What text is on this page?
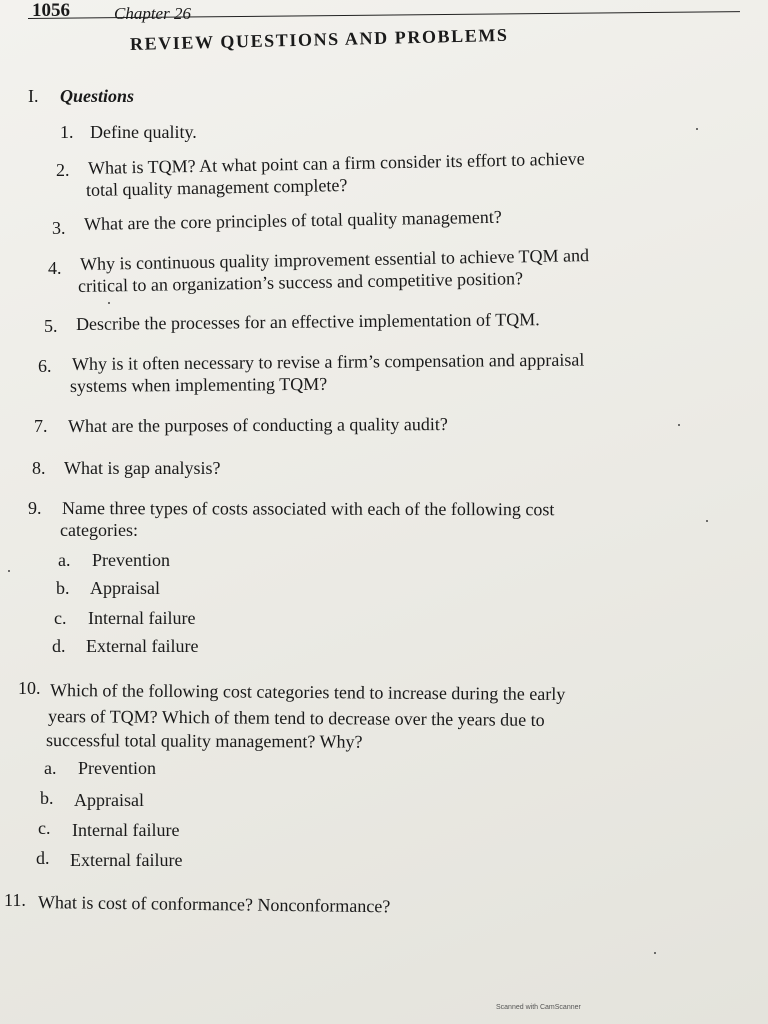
1056	Chapter 26
REVIEW QUESTIONS AND PROBLEMS
I. Questions
1. Define quality.
2. What is TQM? At what point can a firm consider its effort to achieve
total quality management complete?
3. What are the core principles of total quality management?
4. Why is continuous quality improvement essential to achieve TQM and
critical to an organization’s success and competitive position?
5. Describe the processes for an effective implementation of TQM.
6. Why is it often necessary to revise a firm’s compensation and appraisal
systems when implementing TQM?
7. What are the purposes of conducting a quality audit?
8. What is gap analysis?
9. Name three types of costs associated with each of the following cost
categories:
a. Prevention
b. Appraisal
c. Internal failure
d. External failure
10. Which of the following cost categories tend to increase during the early
years of TQM? Which of them tend to decrease over the years due to
successful total quality management? Why?
a. Prevention
b. Appraisal
c. Internal failure
d. External failure
11. What is cost of conformance? Nonconformance?
Scanned with CamScanner
